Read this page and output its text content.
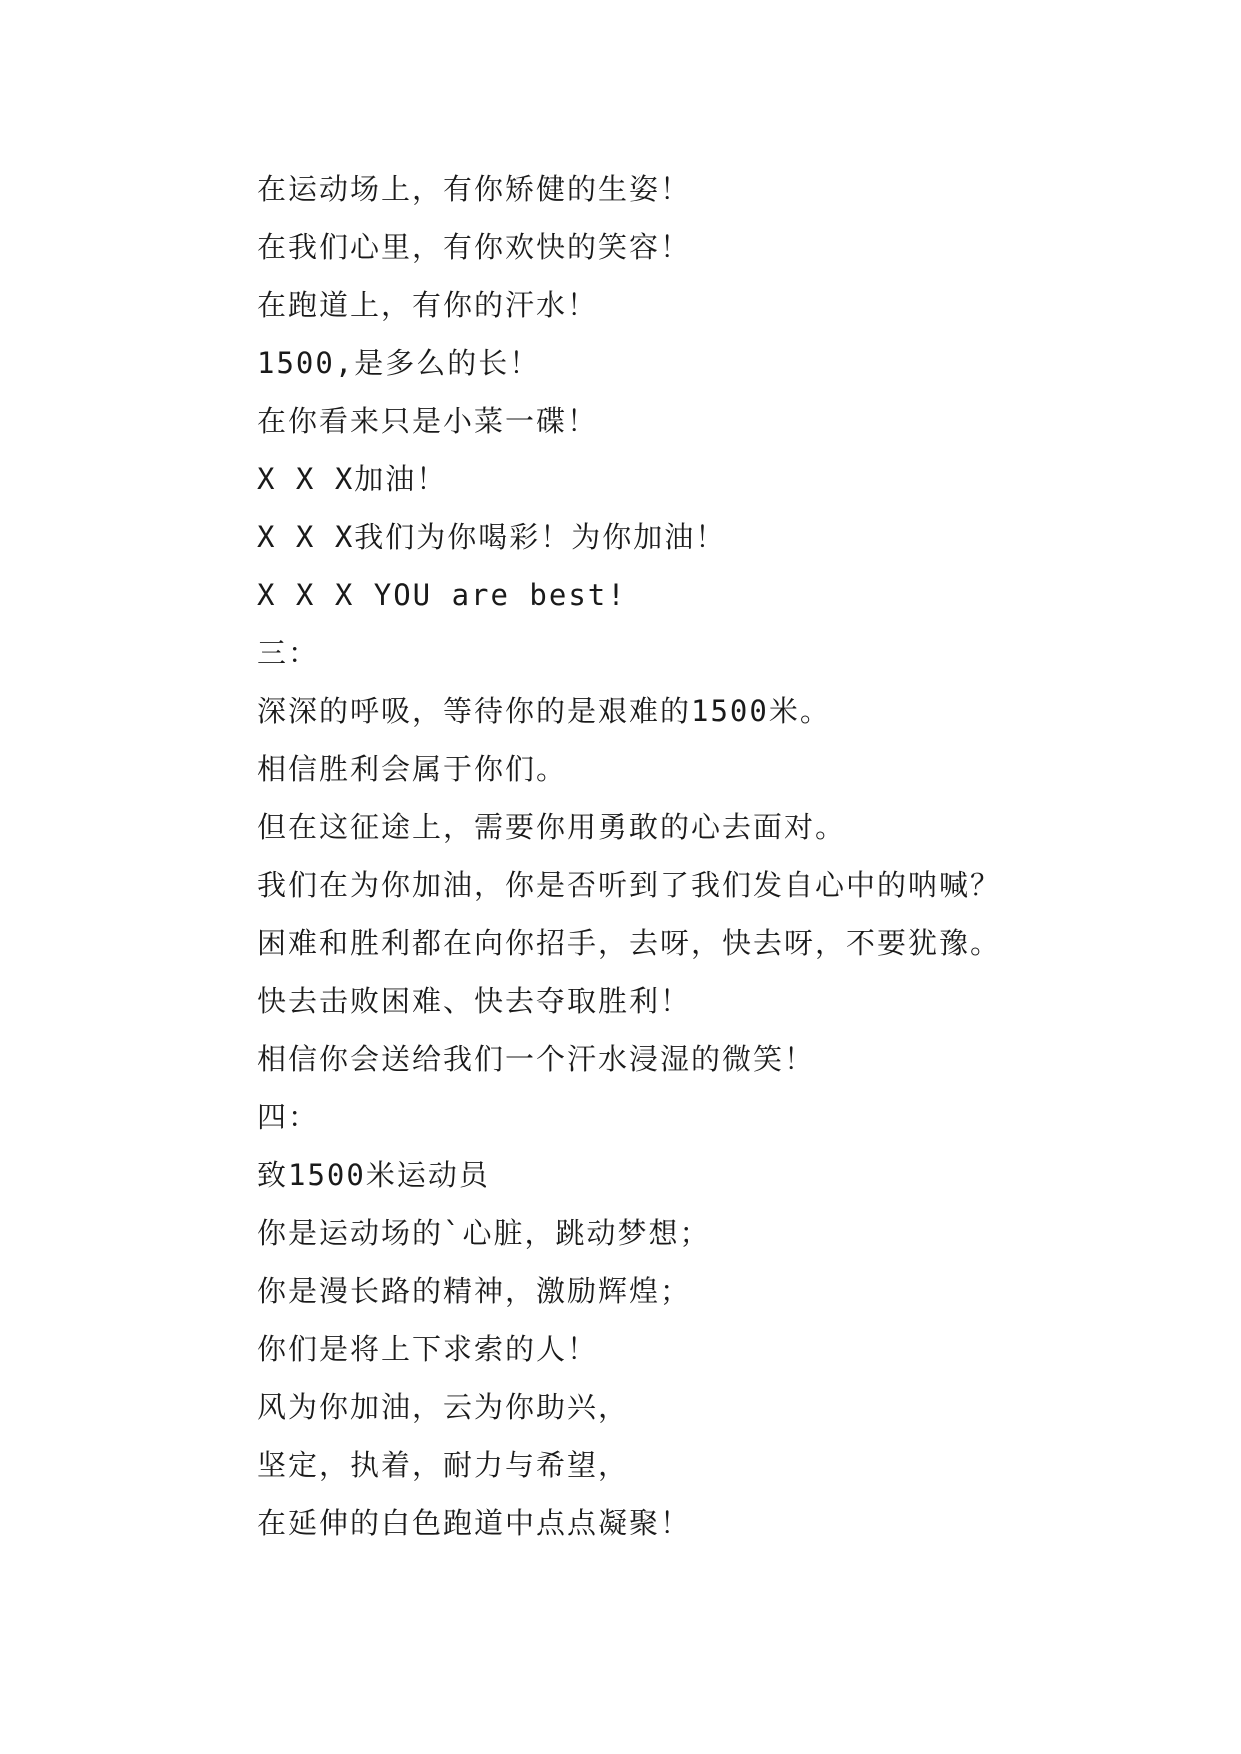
在运动场上，有你矫健的生姿！
在我们心里，有你欢快的笑容！
在跑道上，有你的汗水！
1500,是多么的长！
在你看来只是小菜一碟！
X X X加油！
X X X我们为你喝彩！为你加油！
X X X YOU are best!
三：
深深的呼吸，等待你的是艰难的1500米。
相信胜利会属于你们。
但在这征途上，需要你用勇敢的心去面对。
我们在为你加油，你是否听到了我们发自心中的呐喊？
困难和胜利都在向你招手，去呀，快去呀，不要犹豫。
快去击败困难、快去夺取胜利！
相信你会送给我们一个汗水浸湿的微笑！
四：
致1500米运动员
你是运动场的`心脏，跳动梦想；
你是漫长路的精神，激励辉煌；
你们是将上下求索的人！
风为你加油，云为你助兴，
坚定，执着，耐力与希望，
在延伸的白色跑道中点点凝聚！
